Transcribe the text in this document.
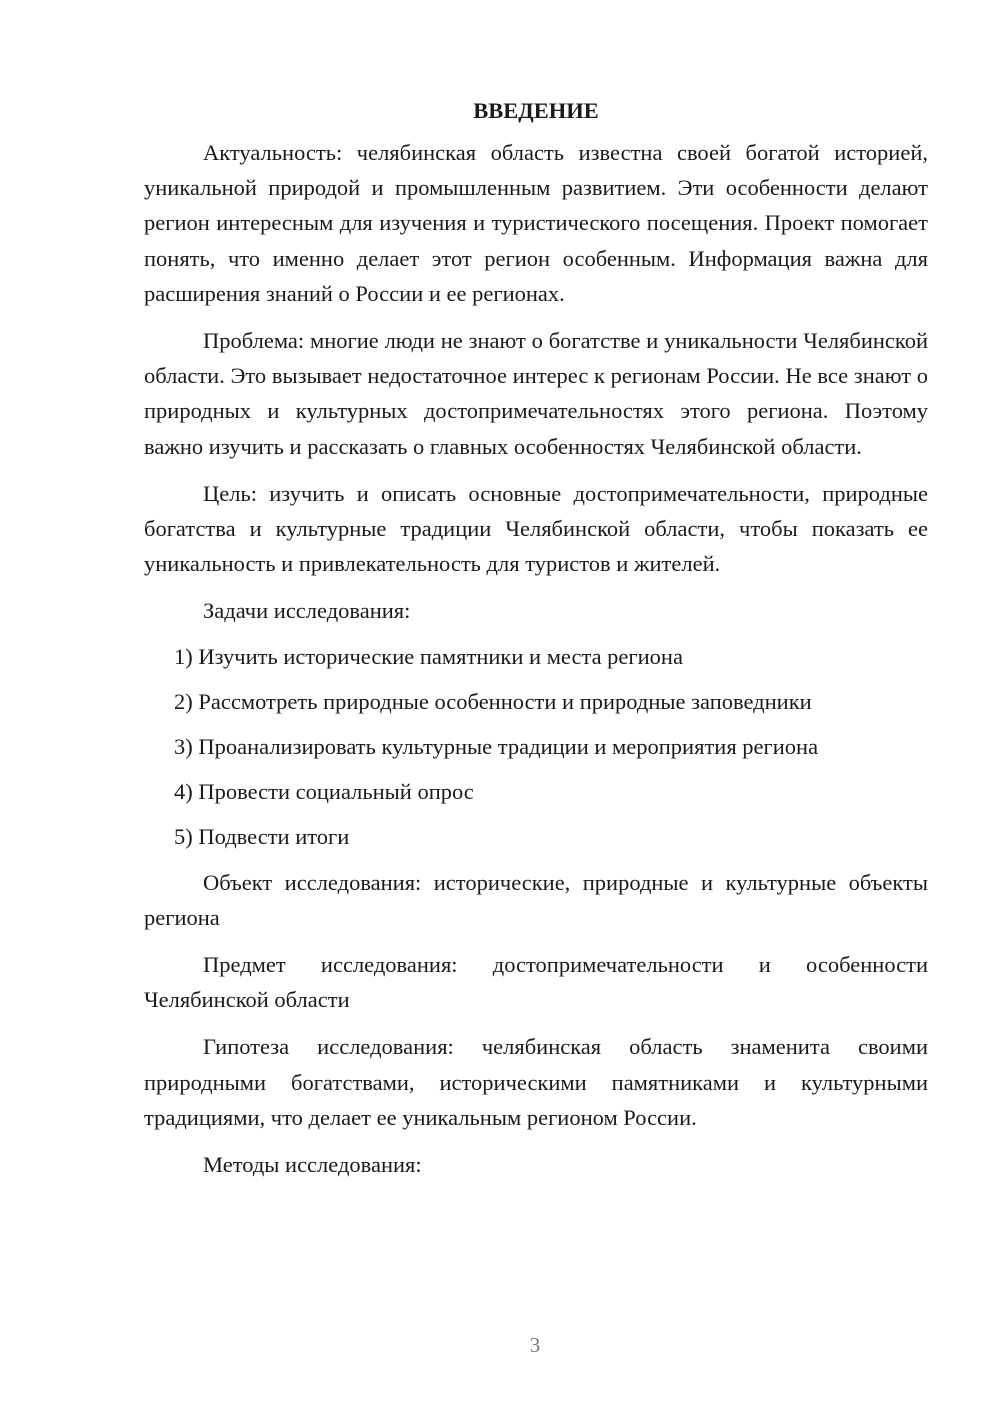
ВВЕДЕНИЕ

Актуальность: челябинская область известна своей богатой историей, уникальной природой и промышленным развитием. Эти особенности делают регион интересным для изучения и туристического посещения. Проект помогает понять, что именно делает этот регион особенным. Информация важна для расширения знаний о России и ее регионах.

Проблема: многие люди не знают о богатстве и уникальности Челябинской области. Это вызывает недостаточное интерес к регионам России. Не все знают о природных и культурных достопримечательностях этого региона. Поэтому важно изучить и рассказать о главных особенностях Челябинской области.

Цель: изучить и описать основные достопримечательности, природные богатства и культурные традиции Челябинской области, чтобы показать ее уникальность и привлекательность для туристов и жителей.

Задачи исследования:

1) Изучить исторические памятники и места региона
2) Рассмотреть природные особенности и природные заповедники
3) Проанализировать культурные традиции и мероприятия региона
4) Провести социальный опрос
5) Подвести итоги

Объект исследования: исторические, природные и культурные объекты региона

Предмет исследования: достопримечательности и особенности Челябинской области

Гипотеза исследования: челябинская область знаменита своими природными богатствами, историческими памятниками и культурными традициями, что делает ее уникальным регионом России.

Методы исследования:

3
